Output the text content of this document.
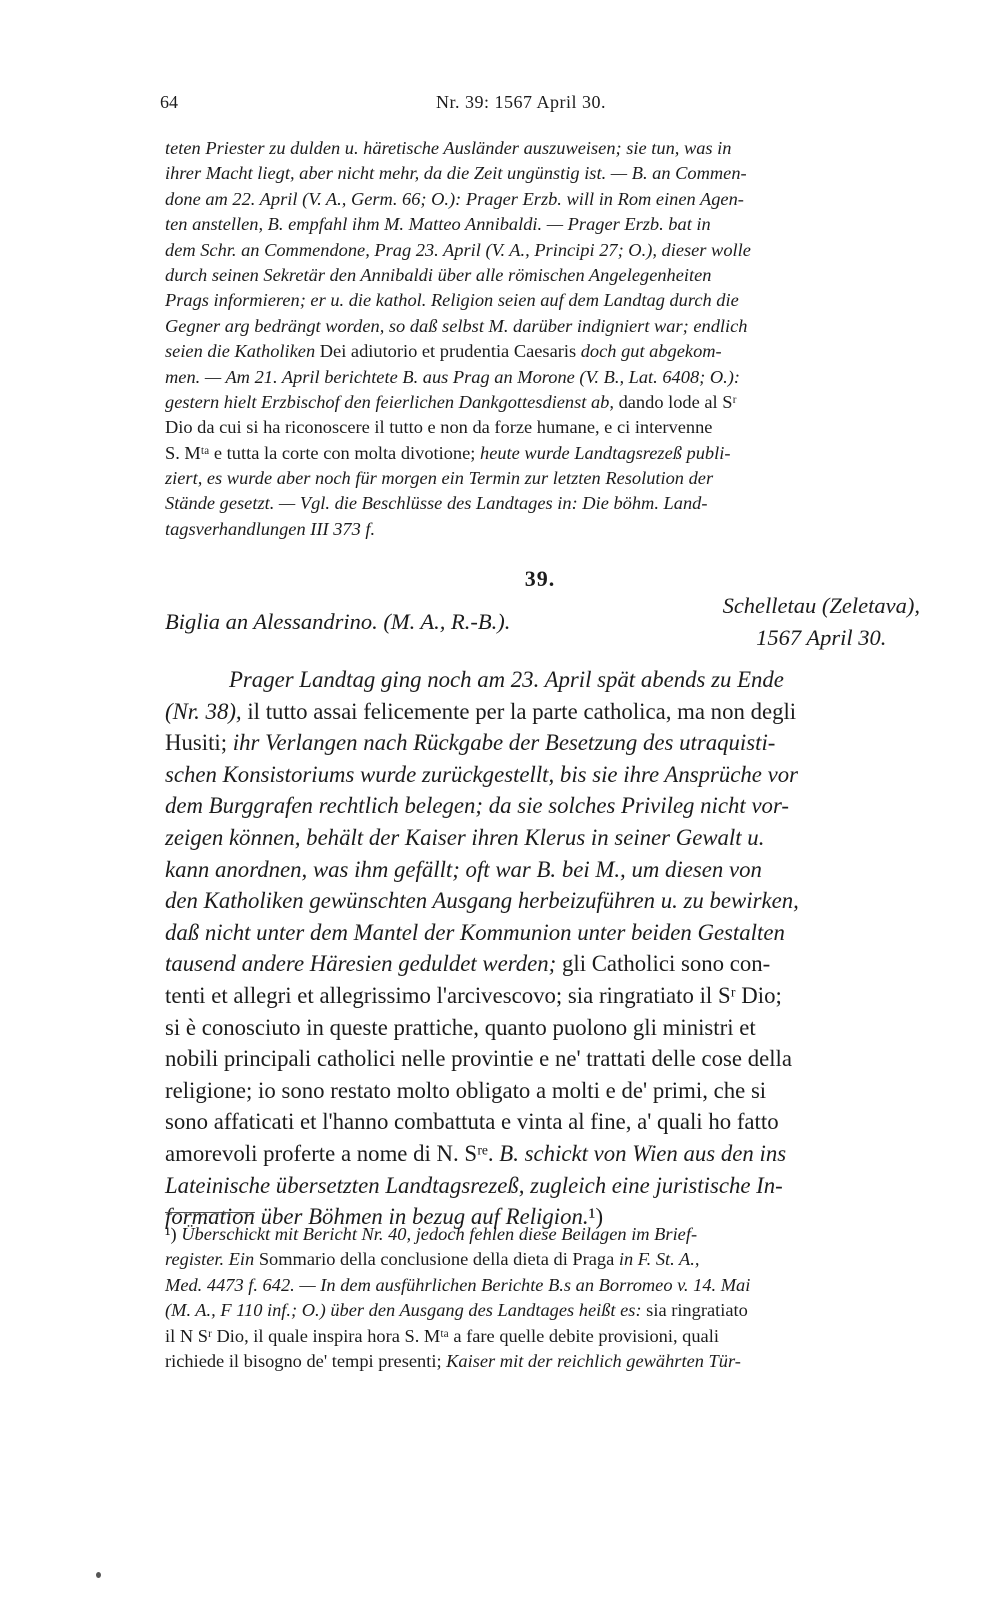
64	Nr. 39: 1567 April 30.
teten Priester zu dulden u. häretische Ausländer auszuweisen; sie tun, was in
ihrer Macht liegt, aber nicht mehr, da die Zeit ungünstig ist. — B. an Commen-
done am 22. April (V. A., Germ. 66; O.): Prager Erzb. will in Rom einen Agen-
ten anstellen, B. empfahl ihm M. Matteo Annibaldi. — Prager Erzb. bat in
dem Schr. an Commendone, Prag 23. April (V. A., Principi 27; O.), dieser wolle
durch seinen Sekretär den Annibaldi über alle römischen Angelegenheiten
Prags informieren; er u. die kathol. Religion seien auf dem Landtag durch die
Gegner arg bedrängt worden, so daß selbst M. darüber indigniert war; endlich
seien die Katholiken Dei adiutorio et prudentia Caesaris doch gut abgekom-
men. — Am 21. April berichtete B. aus Prag an Morone (V. B., Lat. 6408; O.):
gestern hielt Erzbischof den feierlichen Dankgottesdienst ab, dando lode al Sʳ
Dio da cui si ha riconoscere il tutto e non da forze humane, e ci intervenne
S. Mᵗᵃ e tutta la corte con molta divotione; heute wurde Landtagsrezeß publi-
ziert, es wurde aber noch für morgen ein Termin zur letzten Resolution der
Stände gesetzt. — Vgl. die Beschlüsse des Landtages in: Die böhm. Land-
tagsverhandlungen III 373 f.
39.
Biglia an Alessandrino. (M. A., R.-B.).
Schelletau (Zeletava),
1567 April 30.
Prager Landtag ging noch am 23. April spät abends zu Ende
(Nr. 38), il tutto assai felicemente per la parte catholica, ma non degli
Husiti; ihr Verlangen nach Rückgabe der Besetzung des utraquisti-
schen Konsistoriums wurde zurückgestellt, bis sie ihre Ansprüche vor
dem Burggrafen rechtlich belegen; da sie solches Privileg nicht vor-
zeigen können, behält der Kaiser ihren Klerus in seiner Gewalt u.
kann anordnen, was ihm gefällt; oft war B. bei M., um diesen von
den Katholiken gewünschten Ausgang herbeizuführen u. zu bewirken,
daß nicht unter dem Mantel der Kommunion unter beiden Gestalten
tausend andere Häresien geduldet werden; gli Catholici sono con-
tenti et allegri et allegrissimo l'arcivescovo; sia ringratiato il Sʳ Dio;
si è conosciuto in queste prattiche, quanto puolono gli ministri et
nobili principali catholici nelle provintie e ne' trattati delle cose della
religione; io sono restato molto obligato a molti e de' primi, che si
sono affaticati et l'hanno combattuta e vinta al fine, a' quali ho fatto
amorevoli proferte a nome di N. Sʳᵉ. B. schickt von Wien aus den ins
Lateinische übersetzten Landtagsrezeß, zugleich eine juristische In-
formation über Böhmen in bezug auf Religion.¹)
¹) Überschickt mit Bericht Nr. 40, jedoch fehlen diese Beilagen im Brief-
register. Ein Sommario della conclusione della dieta di Praga in F. St. A.,
Med. 4473 f. 642. — In dem ausführlichen Berichte B.s an Borromeo v. 14. Mai
(M. A., F 110 inf.; O.) über den Ausgang des Landtages heißt es: sia ringratiato
il N Sʳ Dio, il quale inspira hora S. Mᵗᵃ a fare quelle debite provisioni, quali
richiede il bisogno de' tempi presenti; Kaiser mit der reichlich gewährten Tür-
